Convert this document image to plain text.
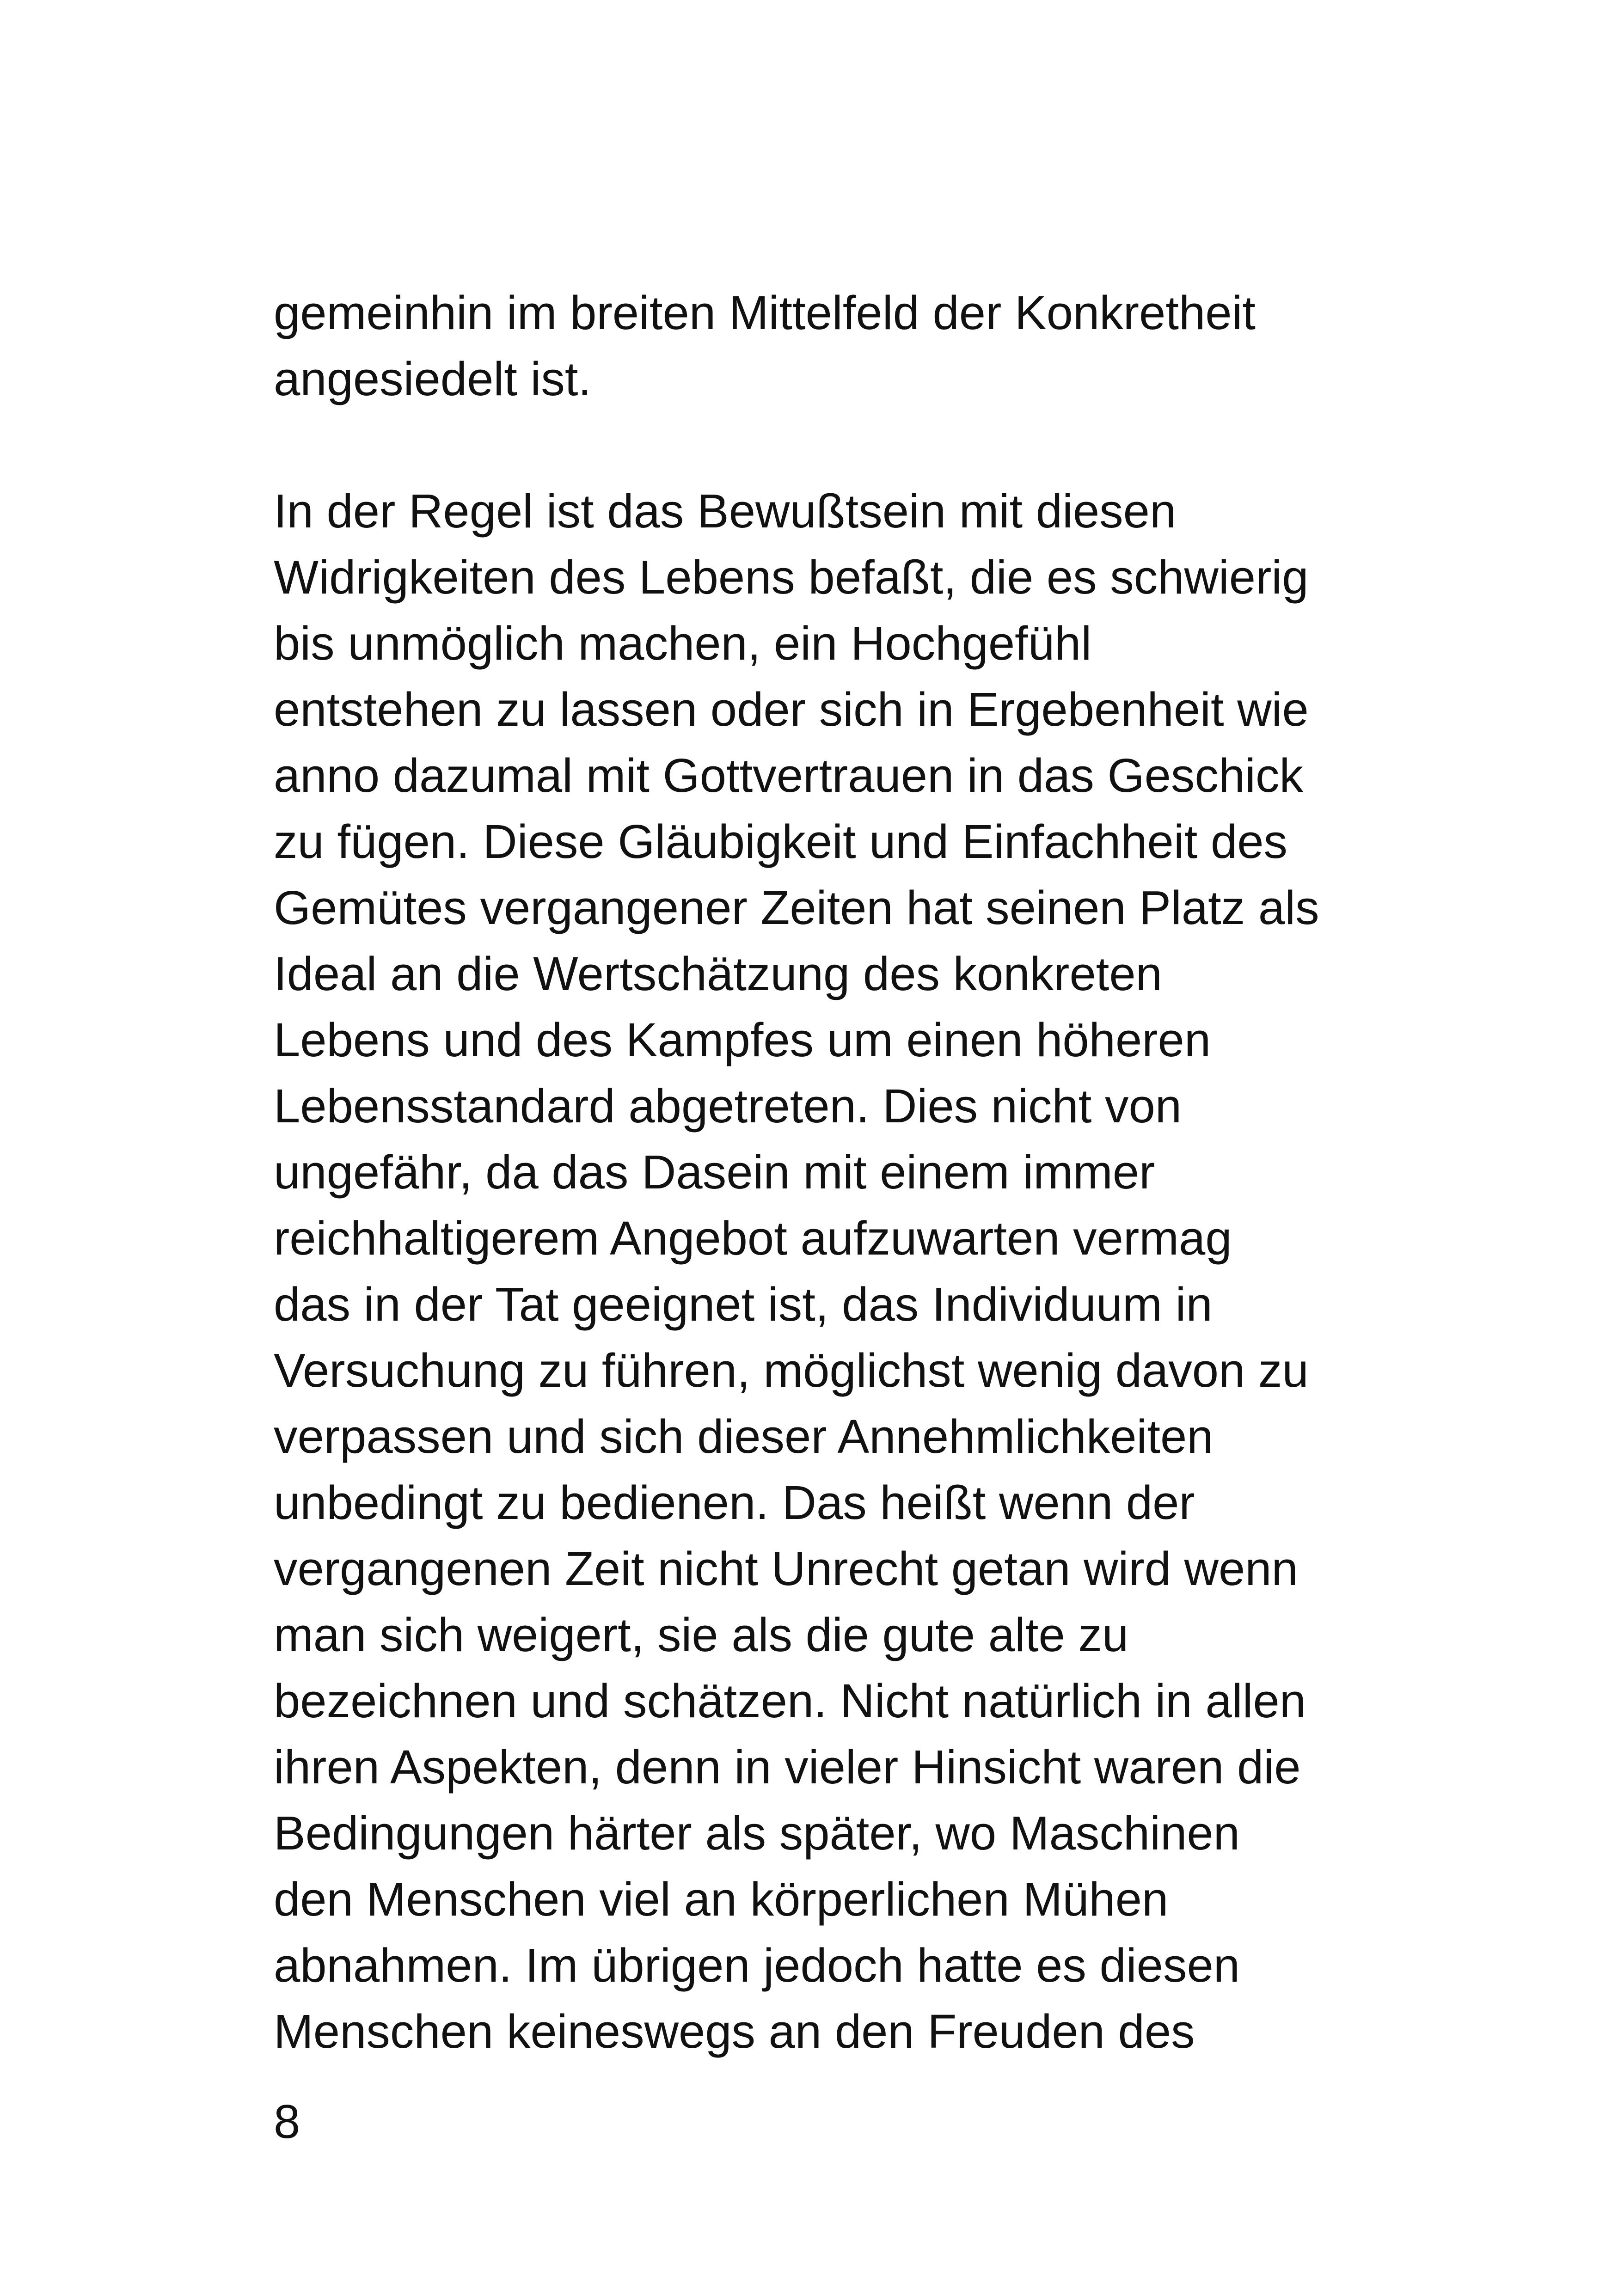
gemeinhin im breiten Mittelfeld der Konkretheit
angesiedelt ist.
In der Regel ist das Bewußtsein mit diesen
Widrigkeiten des Lebens befaßt, die es schwierig
bis unmöglich machen, ein Hochgefühl
entstehen zu lassen oder sich in Ergebenheit wie
anno dazumal mit Gottvertrauen in das Geschick
zu fügen. Diese Gläubigkeit und Einfachheit des
Gemütes vergangener Zeiten hat seinen Platz als
Ideal an die Wertschätzung des konkreten
Lebens und des Kampfes um einen höheren
Lebensstandard abgetreten. Dies nicht von
ungefähr, da das Dasein mit einem immer
reichhaltigerem Angebot aufzuwarten vermag
das in der Tat geeignet ist, das Individuum in
Versuchung zu führen, möglichst wenig davon zu
verpassen und sich dieser Annehmlichkeiten
unbedingt zu bedienen. Das heißt wenn der
vergangenen Zeit nicht Unrecht getan wird wenn
man sich weigert, sie als die gute alte zu
bezeichnen und schätzen. Nicht natürlich in allen
ihren Aspekten, denn in vieler Hinsicht waren die
Bedingungen härter als später, wo Maschinen
den Menschen viel an körperlichen Mühen
abnahmen. Im übrigen jedoch hatte es diesen
Menschen keineswegs an den Freuden des
8
